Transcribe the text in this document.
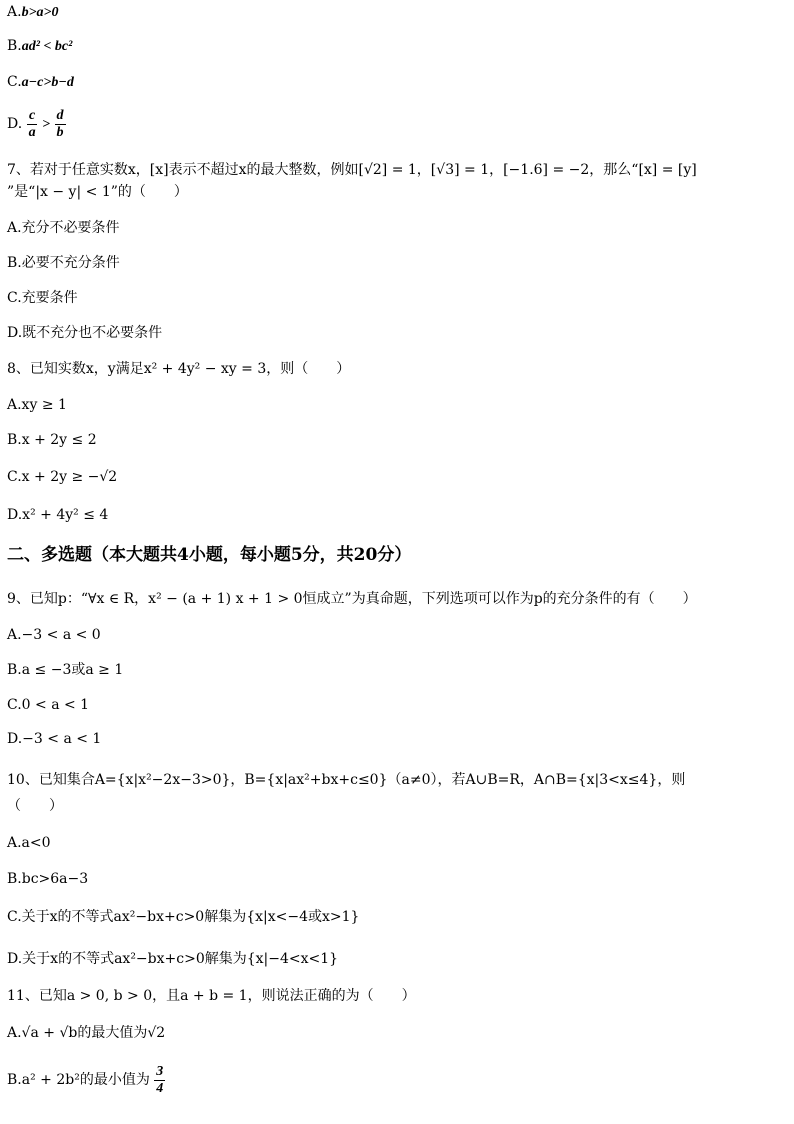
A.b>a>0
B.ad² < bc²
C.a−c>b−d
D. $\frac{c}{a} > \frac{d}{b}$
7、若对于任意实数x，[x]表示不超过x的最大整数，例如[√2] = 1，[√3] = 1，[−1.6] = −2，那么“[x] = [y]
”是“|x − y| < 1”的（　　）
A.充分不必要条件
B.必要不充分条件
C.充要条件
D.既不充分也不必要条件
8、已知实数x，y满足x² + 4y² − xy = 3，则（　　）
A.xy ≥ 1
B.x + 2y ≤ 2
C.x + 2y ≥ −√2
D.x² + 4y² ≤ 4
二、多选题（本大题共4小题，每小题5分，共20分）
9、已知p：“∀x ∈ R，x² − (a + 1) x + 1 > 0恒成立”为真命题，下列选项可以作为p的充分条件的有（　　）
A.−3 < a < 0
B.a ≤ −3或a ≥ 1
C.0 < a < 1
D.−3 < a < 1
10、已知集合A={x|x²−2x−3>0}，B={x|ax²+bx+c≤0}（a≠0），若A∪B=R，A∩B={x|3<x≤4}，则
（　　）
A.a<0
B.bc>6a−3
C.关于x的不等式ax²−bx+c>0解集为{x|x<−4或x>1}
D.关于x的不等式ax²−bx+c>0解集为{x|−4<x<1}
11、已知a > 0, b > 0，且a + b = 1，则说法正确的为（　　）
A.√a + √b的最大值为√2
B.a² + 2b²的最小值为 $\frac{3}{4}$
